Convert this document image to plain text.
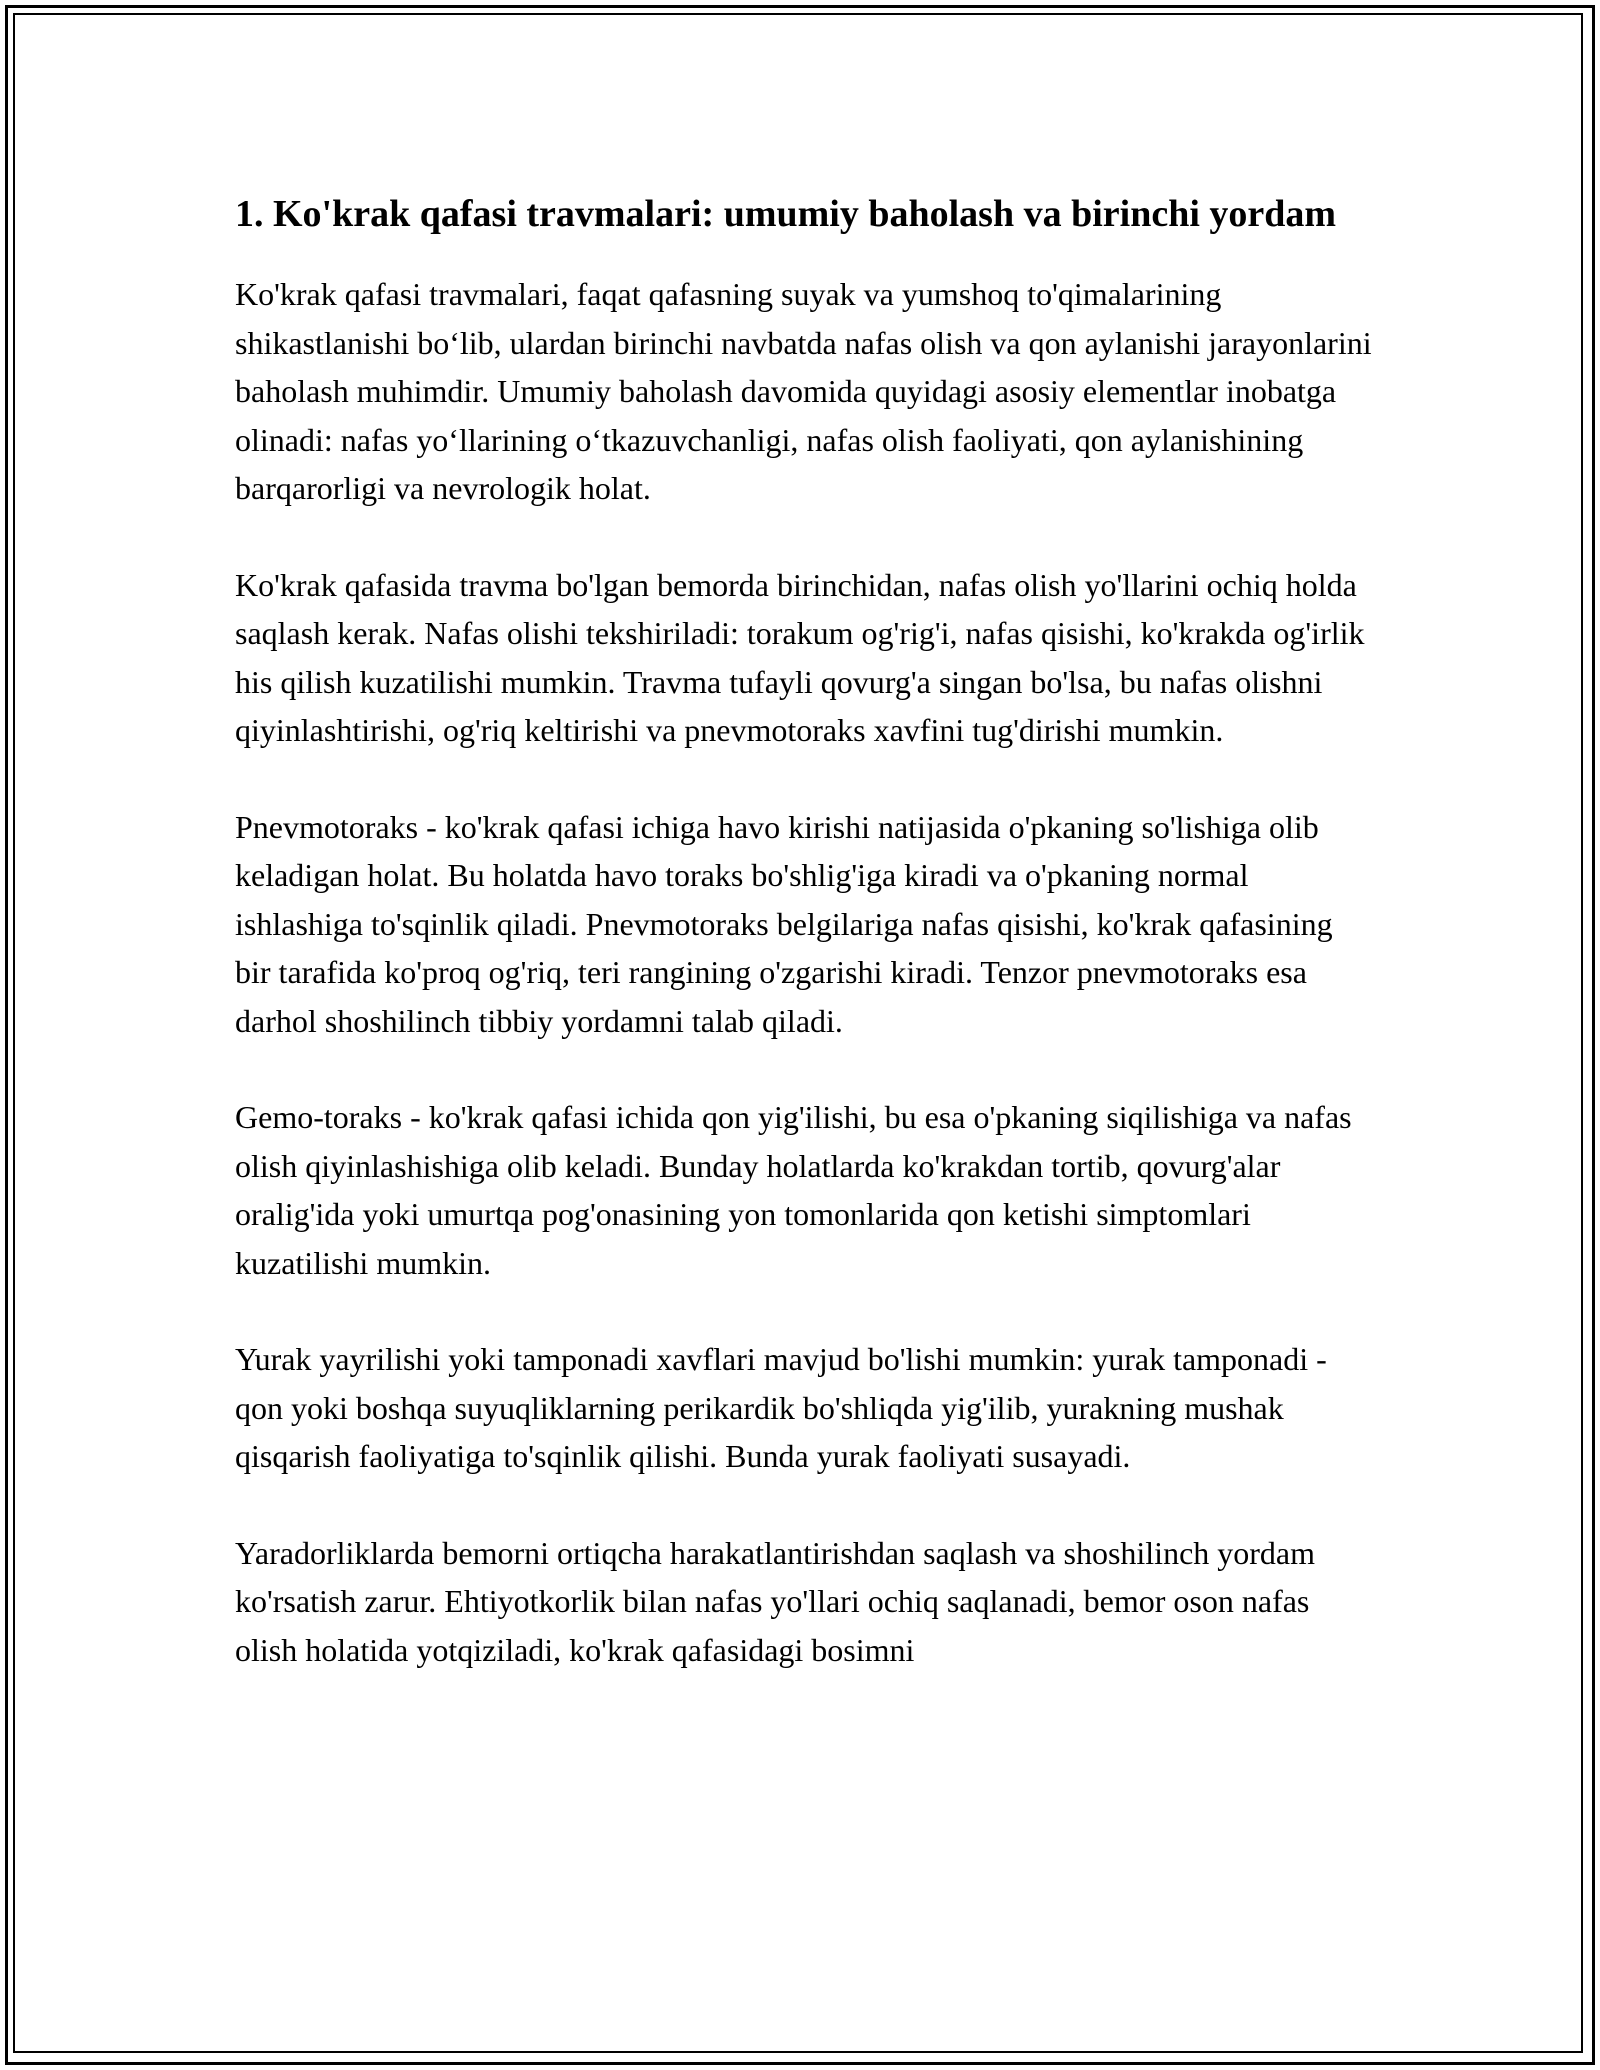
1. Ko'krak qafasi travmalari: umumiy baholash va birinchi yordam

Ko'krak qafasi travmalari, faqat qafasning suyak va yumshoq to'qimalarining shikastlanishi bo‘lib, ulardan birinchi navbatda nafas olish va qon aylanishi jarayonlarini baholash muhimdir. Umumiy baholash davomida quyidagi asosiy elementlar inobatga olinadi: nafas yo‘llarining o‘tkazuvchanligi, nafas olish faoliyati, qon aylanishining barqarorligi va nevrologik holat.

Ko'krak qafasida travma bo'lgan bemorda birinchidan, nafas olish yo'llarini ochiq holda saqlash kerak. Nafas olishi tekshiriladi: torakum og'rig'i, nafas qisishi, ko'krakda og'irlik his qilish kuzatilishi mumkin. Travma tufayli qovurg'a singan bo'lsa, bu nafas olishni qiyinlashtirishi, og'riq keltirishi va pnevmotoraks xavfini tug'dirishi mumkin.

Pnevmotoraks - ko'krak qafasi ichiga havo kirishi natijasida o'pkaning so'lishiga olib keladigan holat. Bu holatda havo toraks bo'shlig'iga kiradi va o'pkaning normal ishlashiga to'sqinlik qiladi. Pnevmotoraks belgilariga nafas qisishi, ko'krak qafasining bir tarafida ko'proq og'riq, teri rangining o'zgarishi kiradi. Tenzor pnevmotoraks esa darhol shoshilinch tibbiy yordamni talab qiladi.

Gemo-toraks - ko'krak qafasi ichida qon yig'ilishi, bu esa o'pkaning siqilishiga va nafas olish qiyinlashishiga olib keladi. Bunday holatlarda ko'krakdan tortib, qovurg'alar oralig'ida yoki umurtqa pog'onasining yon tomonlarida qon ketishi simptomlari kuzatilishi mumkin.

Yurak yayrilishi yoki tamponadi xavflari mavjud bo'lishi mumkin: yurak tamponadi - qon yoki boshqa suyuqliklarning perikardik bo'shliqda yig'ilib, yurakning mushak qisqarish faoliyatiga to'sqinlik qilishi. Bunda yurak faoliyati susayadi.

Yaradorliklarda bemorni ortiqcha harakatlantirishdan saqlash va shoshilinch yordam ko'rsatish zarur. Ehtiyotkorlik bilan nafas yo'llari ochiq saqlanadi, bemor oson nafas olish holatida yotqiziladi, ko'krak qafasidagi bosimni
